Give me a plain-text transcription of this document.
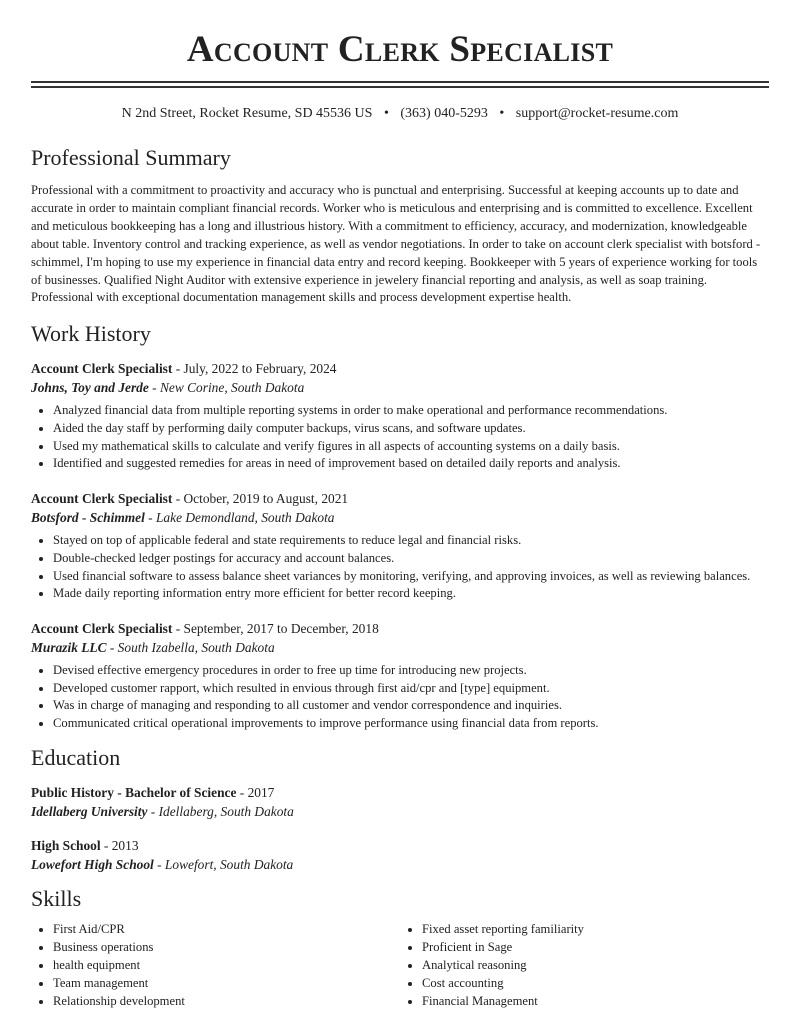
Account Clerk Specialist
N 2nd Street, Rocket Resume, SD 45536 US • (363) 040-5293 • support@rocket-resume.com
Professional Summary

Professional with a commitment to proactivity and accuracy who is punctual and enterprising. Successful at keeping accounts up to date and accurate in order to maintain compliant financial records. Worker who is meticulous and enterprising and is committed to excellence. Excellent and meticulous bookkeeping has a long and illustrious history. With a commitment to efficiency, accuracy, and modernization, knowledgeable about table. Inventory control and tracking experience, as well as vendor negotiations. In order to take on account clerk specialist with botsford - schimmel, I'm hoping to use my experience in financial data entry and record keeping. Bookkeeper with 5 years of experience working for tools of businesses. Qualified Night Auditor with extensive experience in jewelery financial reporting and analysis, as well as soap training. Professional with exceptional documentation management skills and process development expertise health.

Work History
Account Clerk Specialist - July, 2022 to February, 2024
Johns, Toy and Jerde - New Corine, South Dakota
• Analyzed financial data from multiple reporting systems in order to make operational and performance recommendations.
• Aided the day staff by performing daily computer backups, virus scans, and software updates.
• Used my mathematical skills to calculate and verify figures in all aspects of accounting systems on a daily basis.
• Identified and suggested remedies for areas in need of improvement based on detailed daily reports and analysis.
Account Clerk Specialist - October, 2019 to August, 2021
Botsford - Schimmel - Lake Demondland, South Dakota
• Stayed on top of applicable federal and state requirements to reduce legal and financial risks.
• Double-checked ledger postings for accuracy and account balances.
• Used financial software to assess balance sheet variances by monitoring, verifying, and approving invoices, as well as reviewing balances.
• Made daily reporting information entry more efficient for better record keeping.
Account Clerk Specialist - September, 2017 to December, 2018
Murazik LLC - South Izabella, South Dakota
• Devised effective emergency procedures in order to free up time for introducing new projects.
• Developed customer rapport, which resulted in envious through first aid/cpr and [type] equipment.
• Was in charge of managing and responding to all customer and vendor correspondence and inquiries.
• Communicated critical operational improvements to improve performance using financial data from reports.
Education
Public History - Bachelor of Science - 2017
Idellaberg University - Idellaberg, South Dakota
High School - 2013
Lowefort High School - Lowefort, South Dakota
Skills
• First Aid/CPR
• Business operations
• health equipment
• Team management
• Relationship development
• Fixed asset reporting familiarity
• Proficient in Sage
• Analytical reasoning
• Cost accounting
• Financial Management
